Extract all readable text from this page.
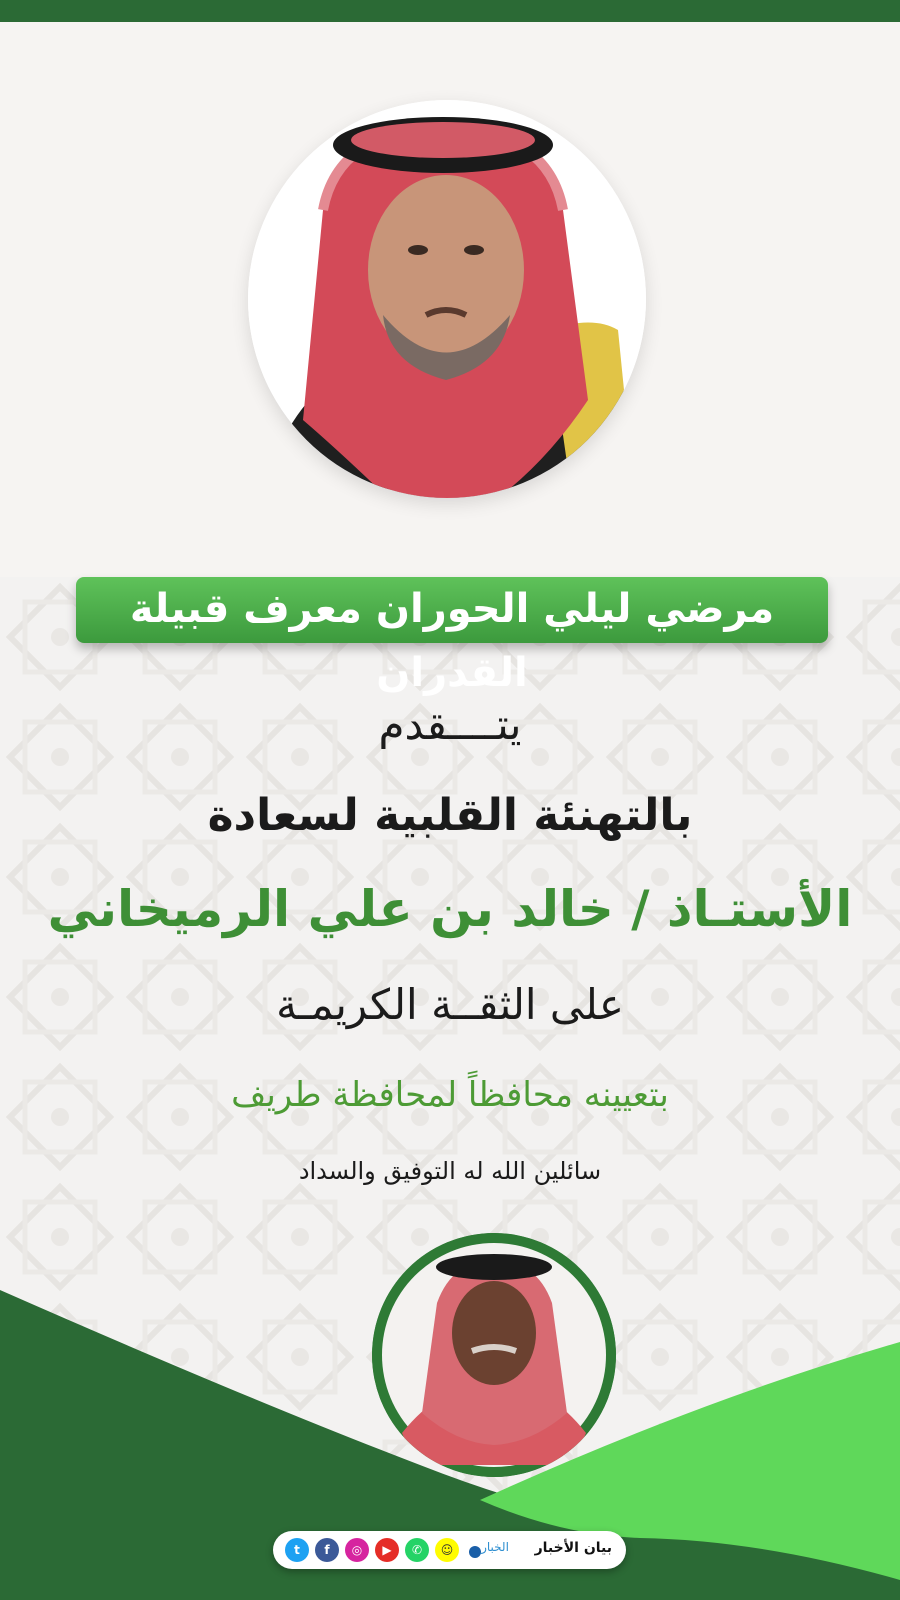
مرضي ليلي الحوران معرف قبيلة القدران
يتــــقدم
بالتهنئة القلبية لسعادة
الأستـاذ / خالد بن علي الرميخاني
على الثقــة الكريمـة
بتعيينه محافظاً لمحافظة طريف
سائلين الله له التوفيق والسداد
بيان الأخبار
الخبار
t	f	◎	▶	✆	☺
